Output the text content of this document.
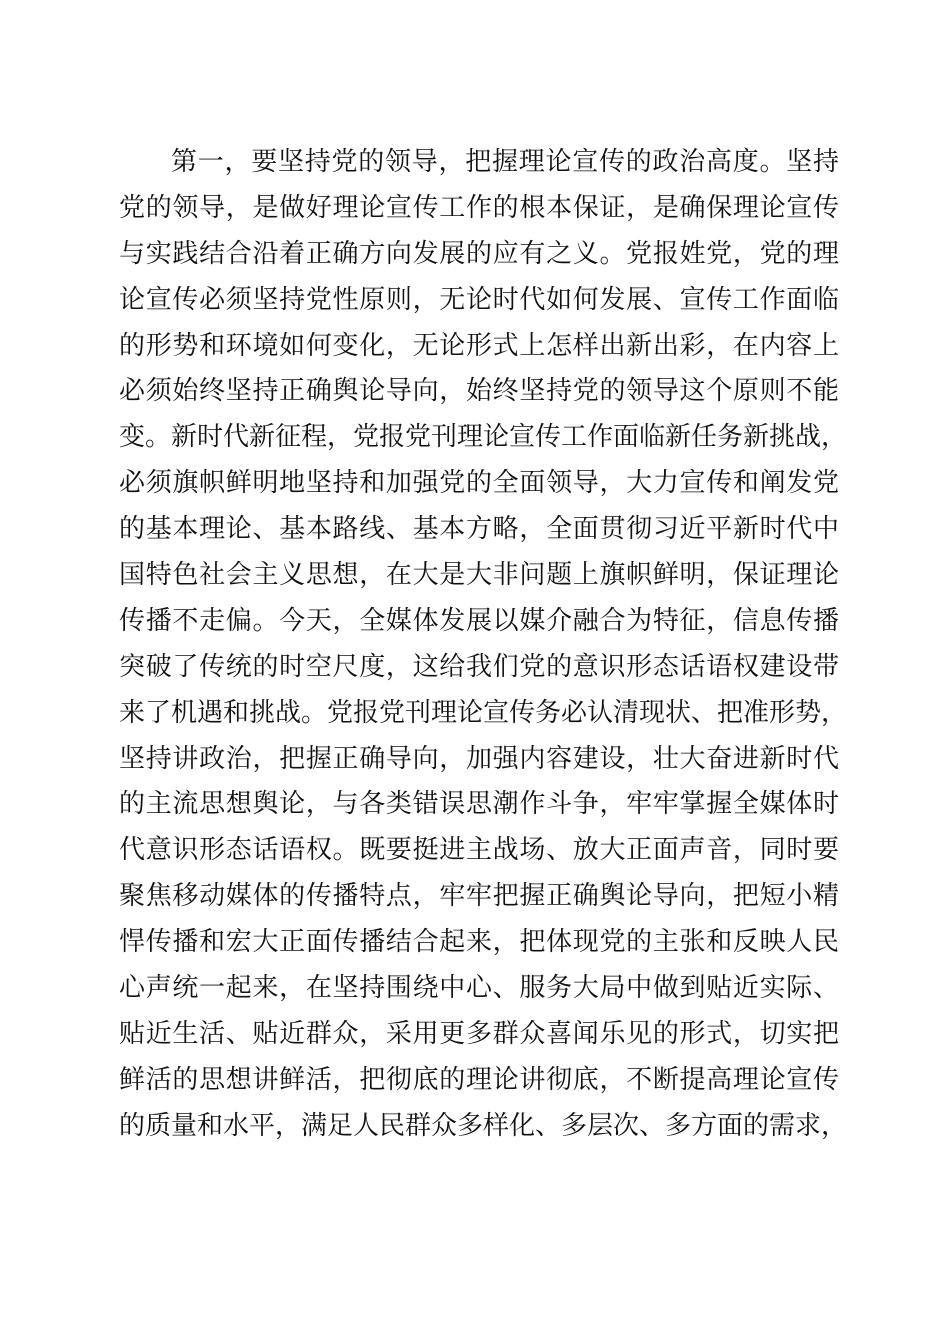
第一，要坚持党的领导，把握理论宣传的政治高度。坚持

党的领导，是做好理论宣传工作的根本保证，是确保理论宣传

与实践结合沿着正确方向发展的应有之义。党报姓党，党的理

论宣传必须坚持党性原则，无论时代如何发展、宣传工作面临

的形势和环境如何变化，无论形式上怎样出新出彩，在内容上

必须始终坚持正确舆论导向，始终坚持党的领导这个原则不能

变。新时代新征程，党报党刊理论宣传工作面临新任务新挑战，

必须旗帜鲜明地坚持和加强党的全面领导，大力宣传和阐发党

的基本理论、基本路线、基本方略，全面贯彻习近平新时代中

国特色社会主义思想，在大是大非问题上旗帜鲜明，保证理论

传播不走偏。今天，全媒体发展以媒介融合为特征，信息传播

突破了传统的时空尺度，这给我们党的意识形态话语权建设带

来了机遇和挑战。党报党刊理论宣传务必认清现状、把准形势，

坚持讲政治，把握正确导向，加强内容建设，壮大奋进新时代

的主流思想舆论，与各类错误思潮作斗争，牢牢掌握全媒体时

代意识形态话语权。既要挺进主战场、放大正面声音，同时要

聚焦移动媒体的传播特点，牢牢把握正确舆论导向，把短小精

悍传播和宏大正面传播结合起来，把体现党的主张和反映人民

心声统一起来，在坚持围绕中心、服务大局中做到贴近实际、

贴近生活、贴近群众，采用更多群众喜闻乐见的形式，切实把

鲜活的思想讲鲜活，把彻底的理论讲彻底，不断提高理论宣传

的质量和水平，满足人民群众多样化、多层次、多方面的需求，
